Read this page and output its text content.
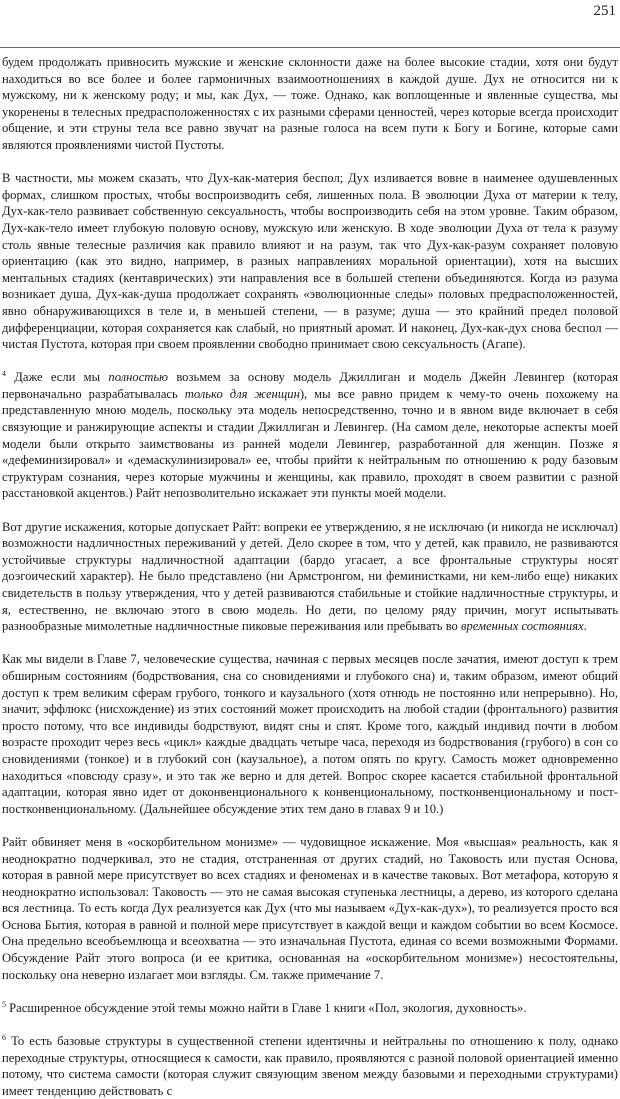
251

будем продолжать привносить мужские и женские склонности даже на более высокие стадии, хотя они будут находиться во все более и более гармоничных взаимоотношениях в каждой душе. Дух не относится ни к мужскому, ни к женскому роду; и мы, как Дух, — тоже. Однако, как воплощенные и явленные существа, мы укоренены в телесных предрасположенностях с их разными сферами ценностей, через которые всегда происходит общение, и эти струны тела все равно звучат на разные голоса на всем пути к Богу и Богине, которые сами являются проявлениями чистой Пустоты.

В частности, мы можем сказать, что Дух-как-материя беспол; Дух изливается вовне в наименее одушевленных формах, слишком простых, чтобы воспроизводить себя, лишенных пола. В эволюции Духа от материи к телу, Дух-как-тело развивает собственную сексуальность, чтобы воспроизводить себя на этом уровне. Таким образом, Дух-как-тело имеет глубокую половую основу, мужскую или женскую. В ходе эволюции Духа от тела к разуму столь явные телесные различия как правило влияют и на разум, так что Дух-как-разум сохраняет половую ориентацию (как это видно, например, в разных направлениях моральной ориентации), хотя на высших ментальных стадиях (кентаврических) эти направления все в большей степени объединяются. Когда из разума возникает душа, Дух-как-душа продолжает сохранять «эволюционные следы» половых предрасположенностей, явно обнаруживающихся в теле и, в меньшей степени, — в разуме; душа — это крайний предел половой дифференциации, которая сохраняется как слабый, но приятный аромат. И наконец, Дух-как-дух снова беспол — чистая Пустота, которая при своем проявлении свободно принимает свою сексуальность (Агапе).

$^4$ Даже если мы полностью возьмем за основу модель Джиллиган и модель Джейн Левингер (которая первоначально разрабатывалась только для женщин), мы все равно придем к чему-то очень похожему на представленную мною модель, поскольку эта модель непосредственно, точно и в явном виде включает в себя связующие и ранжирующие аспекты и стадии Джиллиган и Левингер. (На самом деле, некоторые аспекты моей модели были открыто заимствованы из ранней модели Левингер, разработанной для женщин. Позже я «дефеминизировал» и «демаскулинизировал» ее, чтобы прийти к нейтральным по отношению к роду базовым структурам сознания, через которые мужчины и женщины, как правило, проходят в своем развитии с разной расстановкой акцентов.) Райт непозволительно искажает эти пункты моей модели.

Вот другие искажения, которые допускает Райт: вопреки ее утверждению, я не исключаю (и никогда не исключал) возможности надличностных переживаний у детей. Дело скорее в том, что у детей, как правило, не развиваются устойчивые структуры надличностной адаптации (бардо угасает, а все фронтальные структуры носят доэгоический характер). Не было представлено (ни Армстронгом, ни феминистками, ни кем-либо еще) никаких свидетельств в пользу утверждения, что у детей развиваются стабильные и стойкие надличностные структуры, и я, естественно, не включаю этого в свою модель. Но дети, по целому ряду причин, могут испытывать разнообразные мимолетные надличностные пиковые переживания или пребывать во временных состояниях.

Как мы видели в Главе 7, человеческие существа, начиная с первых месяцев после зачатия, имеют доступ к трем обширным состояниям (бодрствования, сна со сновидениями и глубокого сна) и, таким образом, имеют общий доступ к трем великим сферам грубого, тонкого и каузального (хотя отнюдь не постоянно или непрерывно). Но, значит, эффлюкс (нисхождение) из этих состояний может происходить на любой стадии (фронтального) развития просто потому, что все индивиды бодрствуют, видят сны и спят. Кроме того, каждый индивид почти в любом возрасте проходит через весь «цикл» каждые двадцать четыре часа, переходя из бодрствования (грубого) в сон со сновидениями (тонкое) и в глубокий сон (каузальное), а потом опять по кругу. Самость может одновременно находиться «повсюду сразу», и это так же верно и для детей. Вопрос скорее касается стабильной фронтальной адаптации, которая явно идет от доконвенционального к конвенциональному, постконвенциональному и пост-постконвенциональному. (Дальнейшее обсуждение этих тем дано в главах 9 и 10.)

Райт обвиняет меня в «оскорбительном монизме» — чудовищное искажение. Моя «высшая» реальность, как я неоднократно подчеркивал, это не стадия, отстраненная от других стадий, но Таковость или пустая Основа, которая в равной мере присутствует во всех стадиях и феноменах и в качестве таковых. Вот метафора, которую я неоднократно использовал: Таковость — это не самая высокая ступенька лестницы, а дерево, из которого сделана вся лестница. То есть когда Дух реализуется как Дух (что мы называем «Дух-как-дух»), то реализуется просто вся Основа Бытия, которая в равной и полной мере присутствует в каждой вещи и каждом событии во всем Космосе. Она предельно всеобъемлюща и всеохватна — это изначальная Пустота, единая со всеми возможными Формами. Обсуждение Райт этого вопроса (и ее критика, основанная на «оскорбительном монизме») несостоятельны, поскольку она неверно излагает мои взгляды. См. также примечание 7.

$^5$ Расширенное обсуждение этой темы можно найти в Главе 1 книги «Пол, экология, духовность».

$^6$ То есть базовые структуры в существенной степени идентичны и нейтральны по отношению к полу, однако переходные структуры, относящиеся к самости, как правило, проявляются с разной половой ориентацией именно потому, что система самости (которая служит связующим звеном между базовыми и переходными структурами) имеет тенденцию действовать с
